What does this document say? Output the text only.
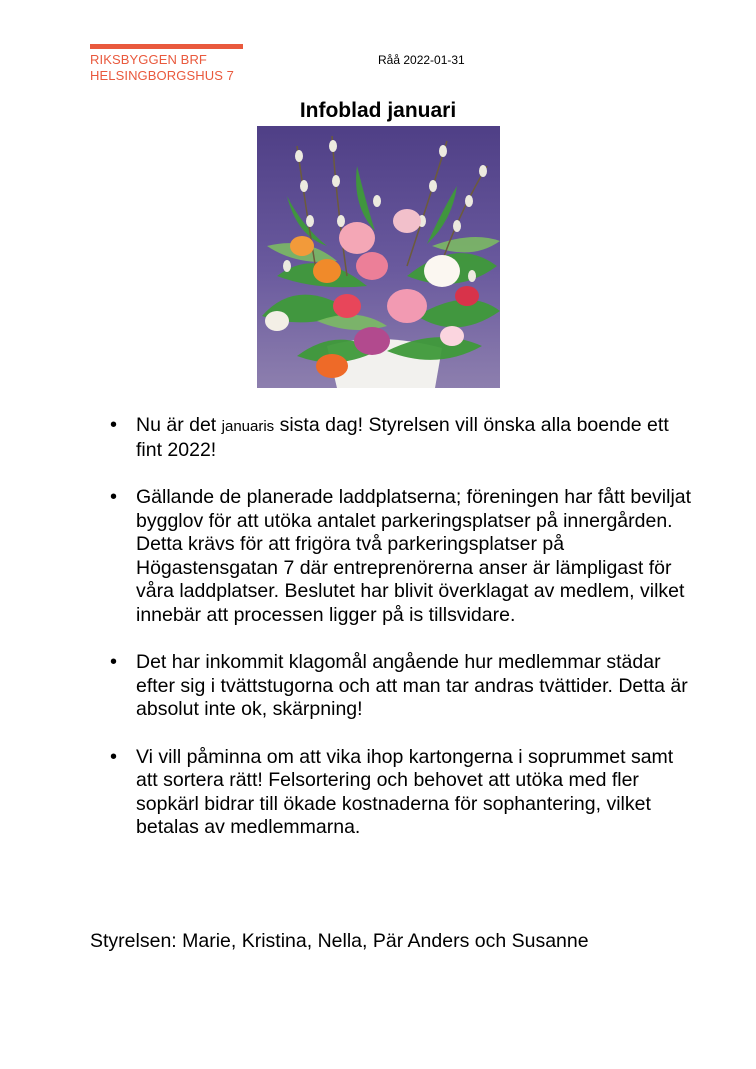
RIKSBYGGEN BRF
HELSINGBORGSHUS 7
Råå 2022-01-31
Infoblad januari
• Nu är det januaris sista dag! Styrelsen vill önska alla boende ett fint 2022!
• Gällande de planerade laddplatserna; föreningen har fått beviljat bygglov för att utöka antalet parkeringsplatser på innergården. Detta krävs för att frigöra två parkeringsplatser på Högastensgatan 7 där entreprenörerna anser är lämpligast för våra laddplatser. Beslutet har blivit överklagat av medlem, vilket innebär att processen ligger på is tillsvidare.
• Det har inkommit klagomål angående hur medlemmar städar efter sig i tvättstugorna och att man tar andras tvättider. Detta är absolut inte ok, skärpning!
• Vi vill påminna om att vika ihop kartongerna i soprummet samt att sortera rätt! Felsortering och behovet att utöka med fler sopkärl bidrar till ökade kostnaderna för sophantering, vilket betalas av medlemmarna.
Styrelsen: Marie, Kristina, Nella, Pär Anders och Susanne
